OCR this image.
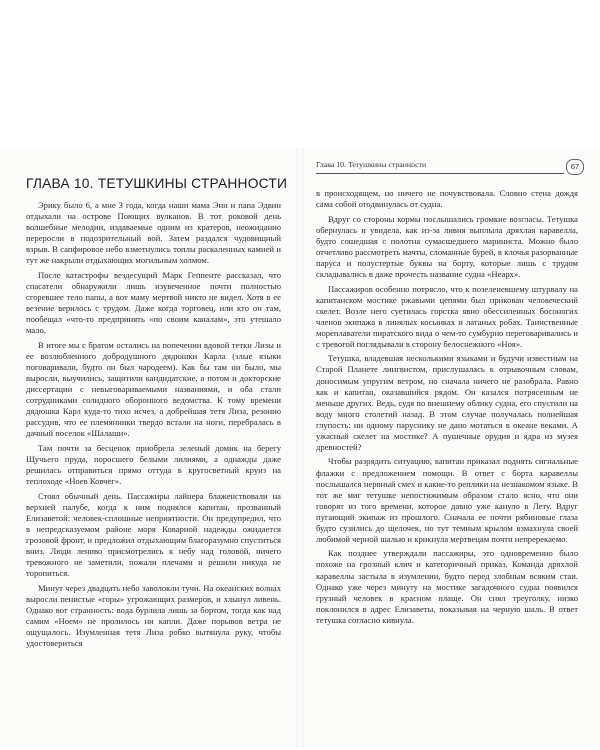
ГЛАВА 10. ТЕТУШКИНЫ СТРАННОСТИ

Эрику было 6, а мне 3 года, когда наши мама Энн и папа Эдвин отдыхали на острове Поющих вулканов. В тот роковой день волшебные мелодии, издаваемые одним из кратеров, неожиданно переросли в подозрительный вой. Затем раздался чудовищный взрыв. В сапфировое небо взметнулись топлы раскаленных камней и тут же накрыли отдыхающих могильным холмом.

После катастрофы вездесущий Марк Геппенте рассказал, что спасатели обнаружили лишь изувеченное почти полностью сгоревшее тело папы, а вот маму мертвой никто не видел. Хотя в ее везение верилось с трудом. Даже когда торговец, или кто он там, пообещал «что-то предпринять «по своим каналам», это утешало мало.

В итоге мы с братом остались на попечении вдовой тетки Лизы и ее возлюбленного добродушного дядюшки Карла (злые языки поговаривали, будто он был чародеем). Как бы там ни было, мы выросли, выучились, защитили кандидатские, а потом и докторские диссертации с невыговариваемыми названиями, и оба стали сотрудниками солидного оборонного ведомства. К тому времени дядюшка Карл куда-то тихо исчез, а добрейшая тетя Лиза, резонно рассудив, что ее племянники твердо встали на ноги, перебралась в дачный поселок «Шалаши».

Там почти за бесценок приобрела зеленый домик на берегу Щучьего пруда, поросшего белыми лилиями, а однажды даже решилась отправиться прямо оттуда в кругосветный круиз на теплоходе «Ноев Ковчег».

Стоял обычный день. Пассажиры лайнера блаженствовали на верхней палубе, когда к ним поднялся капитан, прозванный Елизаветой: человек-сплошные неприятности. Он предупредил, что в непредсказуемом районе моря Коварной надежды ожидается грозовой фронт, и предложил отдыхающим благоразумно спуститься вниз. Люди лениво присмотрелись к небу над головой, ничего тревожного не заметили, пожали плечами и решили никуда не торопиться.

Минут через двадцать небо заволокли тучи. На океанских волнах выросли пенистые «горы» угрожающих размеров, и хлынул ливень. Однако вот странность: вода бурлила лишь за бортом, тогда как над самим «Ноем» не пролилось ни капли. Даже порывов ветра не ощущалось. Изумленная тетя Лиза робко вытянула руку, чтобы удостовериться

Глава 10. Тетушкины странности	67

в происходящем, но ничего не почувствовала. Словно стена дождя сама собой отодвинулась от судна.

Вдруг со стороны кормы послышались громкие возгласы. Тетушка обернулась и увидела, как из-за ливня выплыла дряхлая каравелла, будто сошедшая с полотна сумасшедшего мариниста. Можно было отчетливо рассмотреть мачты, сломанные бурей, в клочья разорванные паруса и полустертые буквы на борту, которые лишь с трудом складывались в даже прочесть название судна «Неарх».

Пассажиров особенно потрясло, что к позеленевшему штурвалу на капитанском мостике ржавыми цепями был прикован человеческий скелет. Возле него суетилась горстка явно обессиленных босоногих членов экипажа в линялых косынках и латаных робах. Таинственные мореплаватели пиратского вида о чем-то сумбурно переговаривались и с тревогой поглядывали в сторону белоснежного «Ноя».

Тетушка, владевшая несколькими языками и будучи известным на Старой Планете лингвистом, прислушалась к отрывочным словам, доносимым упругим ветром, но сначала ничего не разобрала. Равно как и капитан, оказавшийся рядом. Он казался потрясенным не меньше других. Ведь, судя по внешнему облику судна, его спустили на воду много столетий назад. В этом случае получалась полнейшая глупость: ни одному паруснику не дано мотаться в океане веками. А ужасный скелет на мостике? А пушечные орудия и ядра из музея древностей?

Чтобы разрядить ситуацию, капитан приказал поднять сигнальные флажки с предложением помощи. В ответ с борта каравеллы послышался нервный смех и какие-то реплики на незнакомом языке. В тот же миг тетушке непостижимым образом стало ясно, что они говорят из того времени, которое давно уже кануло в Лету. Вдруг пугающий экипаж из прошлого. Сначала ее почти рябиновые глаза будто сузились до щелочек, но тут темным крылом взмахнула своей любимой черной шалью и крикнула мертвецам почти непререкаемо.

Как позднее утверждали пассажиры, это одновременно было похоже на грозный клич и категоричный приказ. Команда дряхлой каравеллы застыла в изумлении, будто перед злобным всяким стаи. Однако уже через минуту на мостике загадочного судна появился грузный человек в красном плаще. Он снял треуголку, низко поклонился в адрес Елизаветы, показывая на черную шаль. В ответ тетушка согласно кивнула.
